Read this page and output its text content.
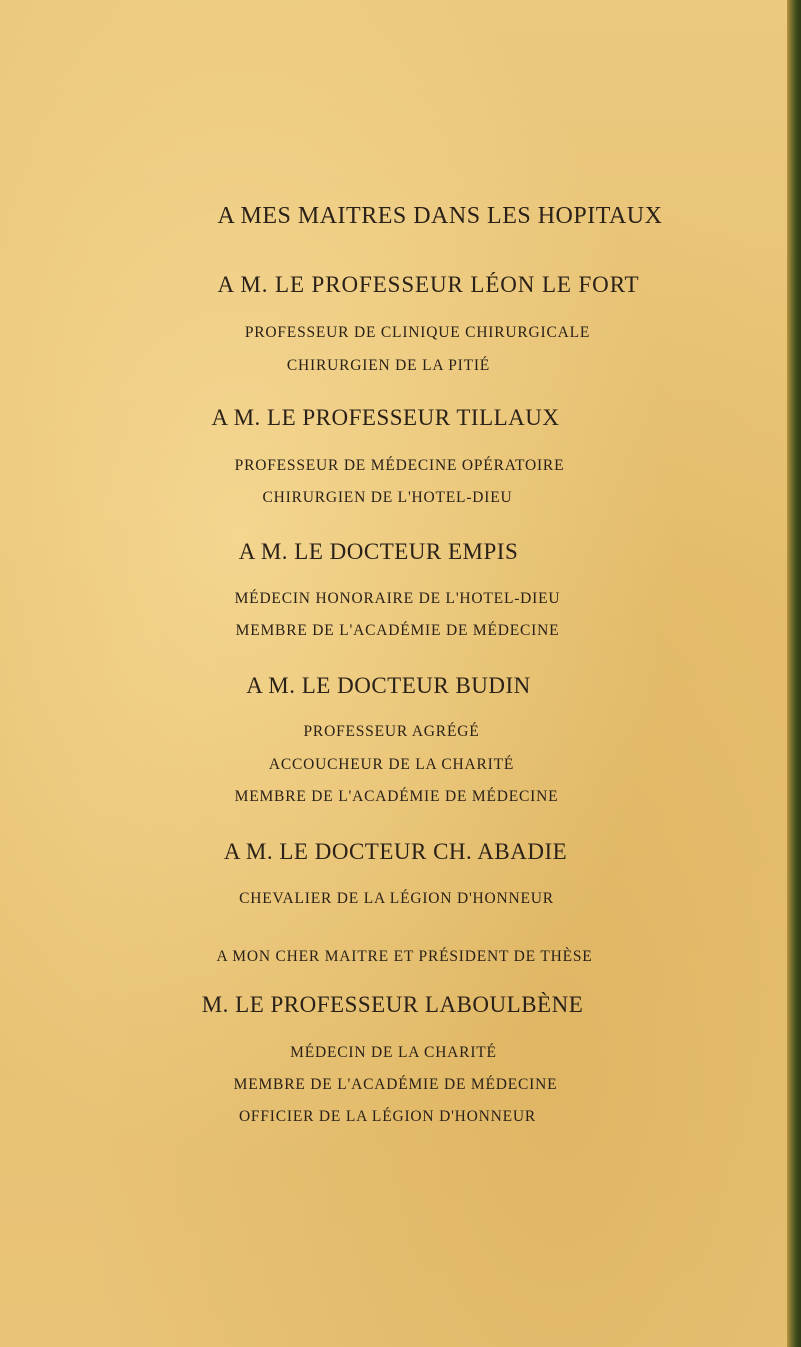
A MES MAITRES DANS LES HOPITAUX
A M. LE PROFESSEUR LÉON LE FORT
PROFESSEUR DE CLINIQUE CHIRURGICALE
CHIRURGIEN DE LA PITIÉ
A M. LE PROFESSEUR TILLAUX
PROFESSEUR DE MÉDECINE OPÉRATOIRE
CHIRURGIEN DE L'HOTEL-DIEU
A M. LE DOCTEUR EMPIS
MÉDECIN HONORAIRE DE L'HOTEL-DIEU
MEMBRE DE L'ACADÉMIE DE MÉDECINE
A M. LE DOCTEUR BUDIN
PROFESSEUR AGRÉGÉ
ACCOUCHEUR DE LA CHARITÉ
MEMBRE DE L'ACADÉMIE DE MÉDECINE
A M. LE DOCTEUR CH. ABADIE
CHEVALIER DE LA LÉGION D'HONNEUR
A MON CHER MAITRE ET PRÉSIDENT DE THÈSE
M. LE PROFESSEUR LABOULBÈNE
MÉDECIN DE LA CHARITÉ
MEMBRE DE L'ACADÉMIE DE MÉDECINE
OFFICIER DE LA LÉGION D'HONNEUR
